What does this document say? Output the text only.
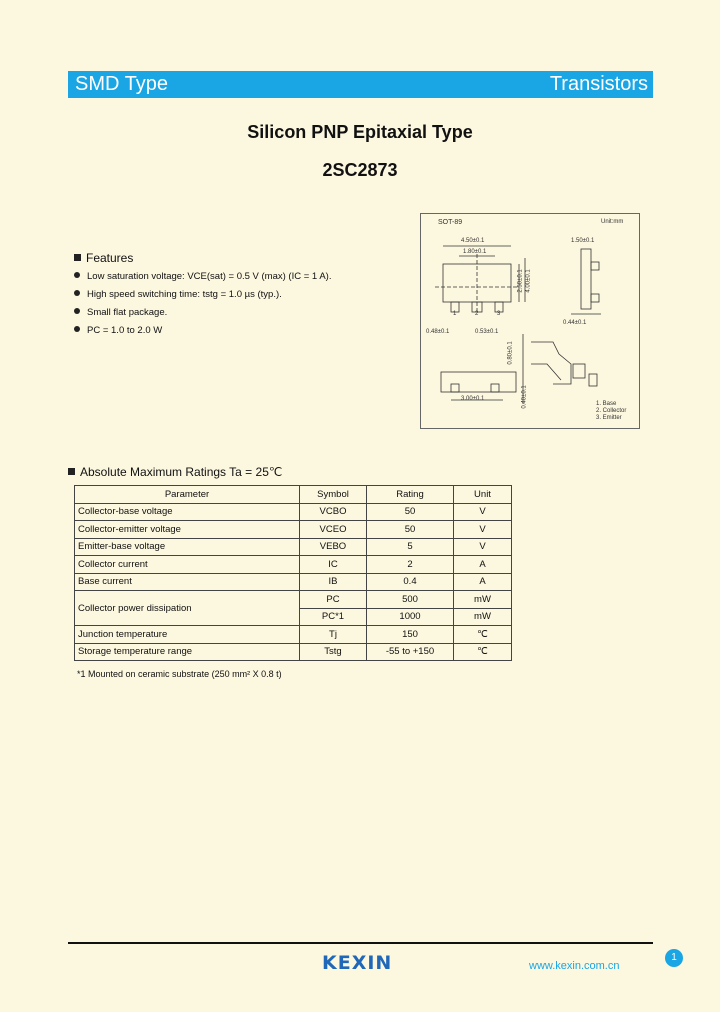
SMD Type	Transistors
Silicon PNP Epitaxial Type
2SC2873
Features
Low saturation voltage: VCE(sat) = 0.5 V (max) (IC = 1 A).
High speed switching time: tstg = 1.0 µs (typ.).
Small flat package.
PC = 1.0 to 2.0 W
SOT-89	Unit:mm
4.50±0.1
1.80±0.1
1.50±0.1
2.50±0.1 4.00±0.1
0.48±0.1	0.53±0.1
0.80±0.1
0.40±0.1
3.00±0.1
0.44±0.1
1	2	3
1. Base
2. Collector
3. Emitter
Absolute Maximum Ratings Ta = 25℃
Parameter	Symbol	Rating	Unit
Collector-base voltage	VCBO	50	V
Collector-emitter voltage	VCEO	50	V
Emitter-base voltage	VEBO	5	V
Collector current	IC	2	A
Base current	IB	0.4	A
Collector power dissipation	PC	500	mW
	PC*1	1000	mW
Junction temperature	Tj	150	℃
Storage temperature range	Tstg	-55 to +150	℃
*1 Mounted on ceramic substrate (250 mm² X 0.8 t)
KEXIN	www.kexin.com.cn
1
